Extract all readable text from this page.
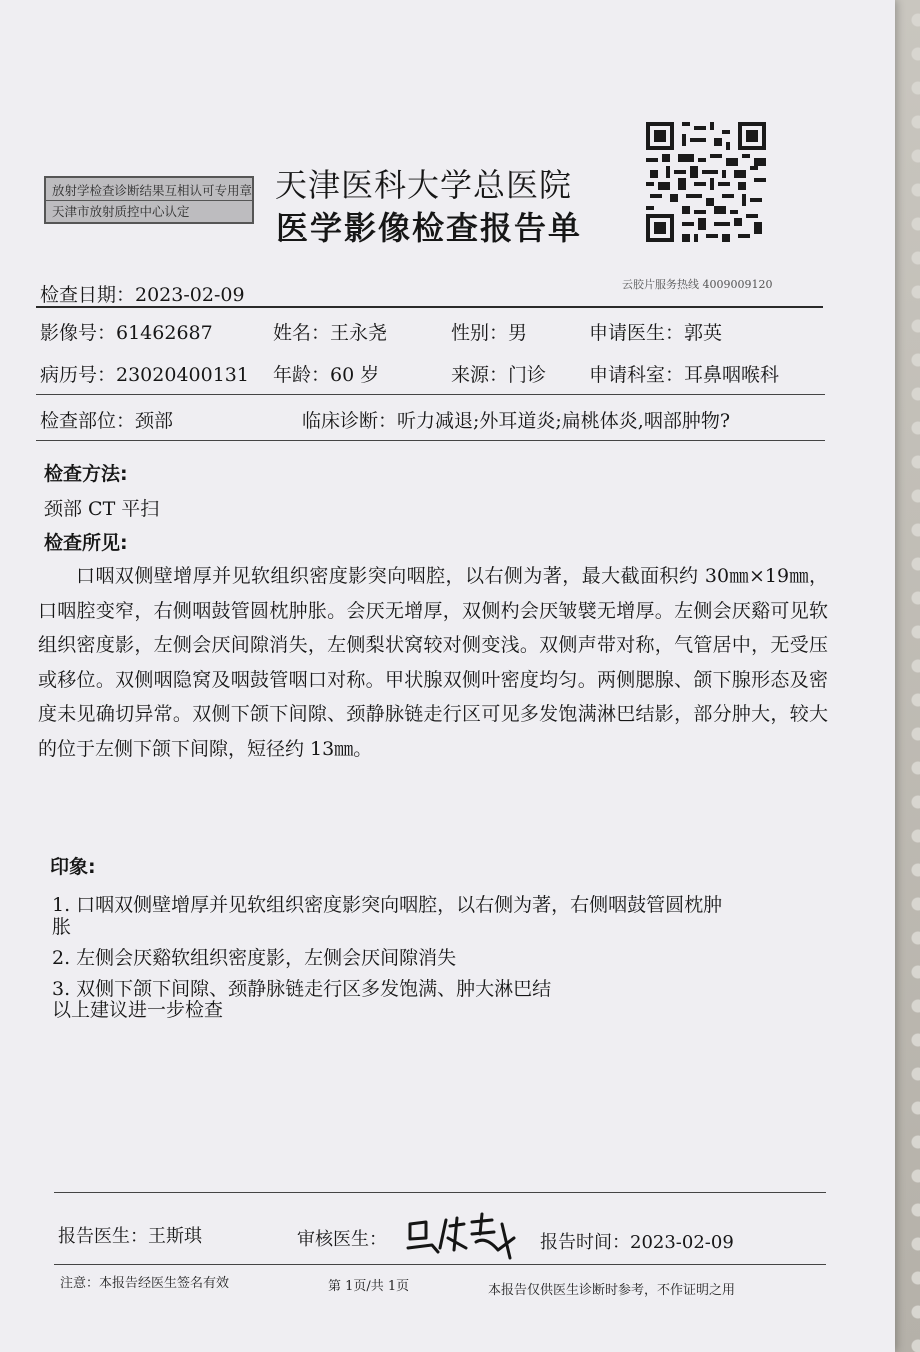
放射学检查诊断结果互相认可专用章
天津市放射质控中心认定
天津医科大学总医院
医学影像检查报告单
云胶片服务热线 4009009120
检查日期：2023-02-09
影像号：61462687	姓名：王永尧	性别：男	申请医生：郭英
病历号：23020400131 年龄：60 岁	来源：门诊 申请科室：耳鼻咽喉科
检查部位：颈部	临床诊断：听力减退;外耳道炎;扁桃体炎,咽部肿物?
检查方法:
颈部 CT 平扫
检查所见:
口咽双侧壁增厚并见软组织密度影突向咽腔，以右侧为著，最大截面积约 30㎜×19㎜，口咽腔变窄，右侧咽鼓管圆枕肿胀。会厌无增厚，双侧杓会厌皱襞无增厚。左侧会厌谿可见软组织密度影，左侧会厌间隙消失，左侧梨状窝较对侧变浅。双侧声带对称，气管居中，无受压或移位。双侧咽隐窝及咽鼓管咽口对称。甲状腺双侧叶密度均匀。两侧腮腺、颌下腺形态及密度未见确切异常。双侧下颌下间隙、颈静脉链走行区可见多发饱满淋巴结影，部分肿大，较大的位于左侧下颌下间隙，短径约 13㎜。
印象:
1. 口咽双侧壁增厚并见软组织密度影突向咽腔，以右侧为著，右侧咽鼓管圆枕肿
胀
2. 左侧会厌谿软组织密度影，左侧会厌间隙消失
3. 双侧下颌下间隙、颈静脉链走行区多发饱满、肿大淋巴结
以上建议进一步检查
报告医生：王斯琪	审核医生：	报告时间：2023-02-09
注意：本报告经医生签名有效	第 1页/共 1页	本报告仅供医生诊断时参考，不作证明之用
